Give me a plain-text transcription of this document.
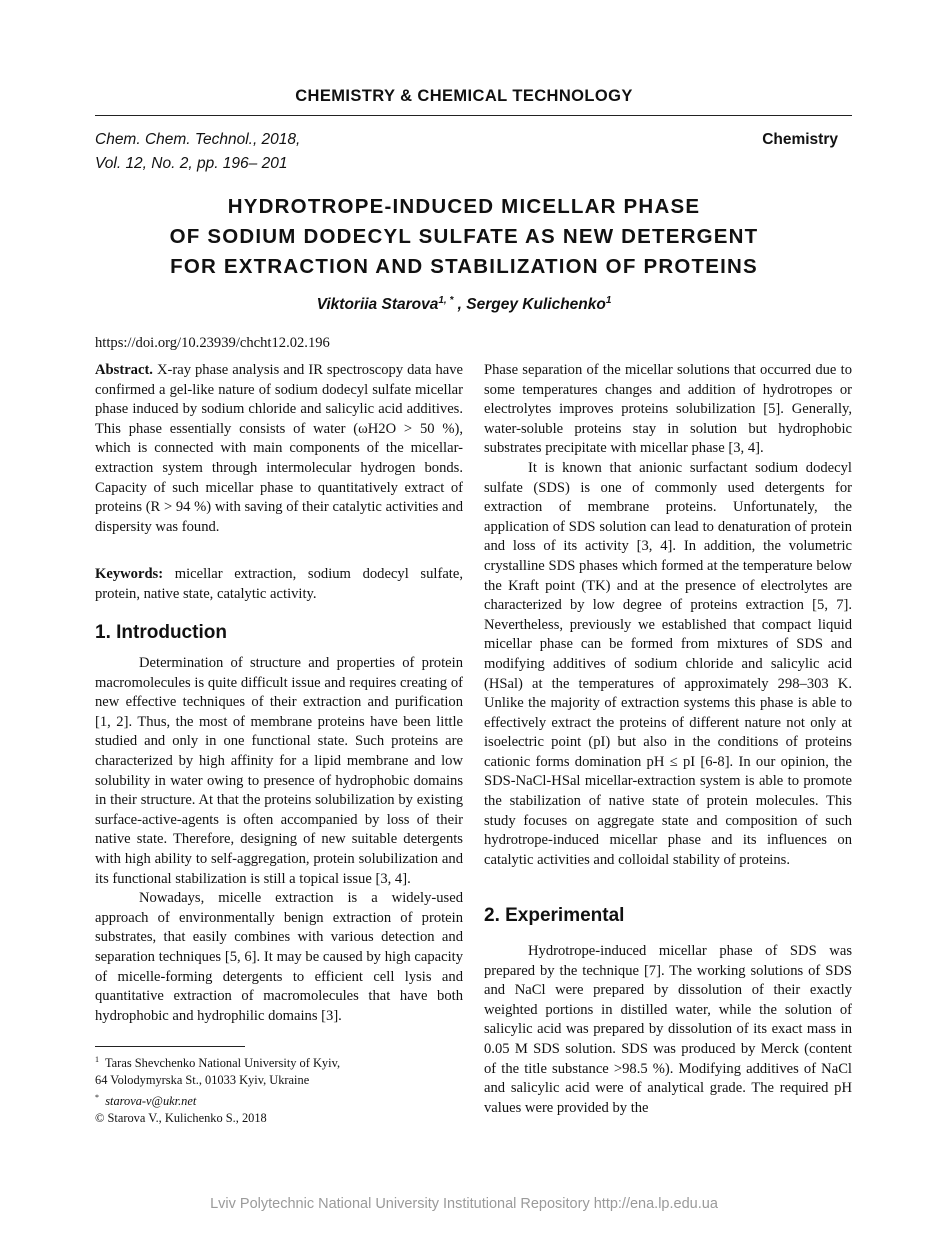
CHEMISTRY & CHEMICAL TECHNOLOGY
Chem. Chem. Technol., 2018,
Vol. 12, No. 2, pp. 196– 201
Chemistry
HYDROTROPE-INDUCED MICELLAR PHASE
OF SODIUM DODECYL SULFATE AS NEW DETERGENT
FOR EXTRACTION AND STABILIZATION OF PROTEINS
Viktoriia Starova$^{1, *}$ , Sergey Kulichenko$^1$
https://doi.org/10.23939/chcht12.02.196

Abstract. X-ray phase analysis and IR spectroscopy data have confirmed a gel-like nature of sodium dodecyl sulfate micellar phase induced by sodium chloride and salicylic acid additives. This phase essentially consists of water (ωH2O > 50 %), which is connected with main components of the micellar-extraction system through intermolecular hydrogen bonds. Capacity of such micellar phase to quantitatively extract of proteins (R > 94 %) with saving of their catalytic activities and dispersity was found.

Keywords: micellar extraction, sodium dodecyl sulfate, protein, native state, catalytic activity.

1. Introduction

Determination of structure and properties of protein macromolecules is quite difficult issue and requires creating of new effective techniques of their extraction and purification [1, 2]. Thus, the most of membrane proteins have been little studied and only in one functional state. Such proteins are characterized by high affinity for a lipid membrane and low solubility in water owing to presence of hydrophobic domains in their structure. At that the proteins solubilization by existing surface-active-agents is often accompanied by loss of their native state. Therefore, designing of new suitable detergents with high ability to self-aggregation, protein solubilization and its functional stabilization is still a topical issue [3, 4].

Nowadays, micelle extraction is a widely-used approach of environmentally benign extraction of protein substrates, that easily combines with various detection and separation techniques [5, 6]. It may be caused by high capacity of micelle-forming detergents to efficient cell lysis and quantitative extraction of macromolecules that have both hydrophobic and hydrophilic domains [3].

$^1$ Taras Shevchenko National University of Kyiv,
64 Volodymyrska St., 01033 Kyiv, Ukraine
* starova-v@ukr.net
© Starova V., Kulichenko S., 2018

Phase separation of the micellar solutions that occurred due to some temperatures changes and addition of hydrotropes or electrolytes improves proteins solubilization [5]. Generally, water-soluble proteins stay in solution but hydrophobic substrates precipitate with micellar phase [3, 4].

It is known that anionic surfactant sodium dodecyl sulfate (SDS) is one of commonly used detergents for extraction of membrane proteins. Unfortunately, the application of SDS solution can lead to denaturation of protein and loss of its activity [3, 4]. In addition, the volumetric crystalline SDS phases which formed at the temperature below the Kraft point (TK) and at the presence of electrolytes are characterized by low degree of proteins extraction [5, 7]. Nevertheless, previously we established that compact liquid micellar phase can be formed from mixtures of SDS and modifying additives of sodium chloride and salicylic acid (HSal) at the temperatures of approximately 298–303 K. Unlike the majority of extraction systems this phase is able to effectively extract the proteins of different nature not only at isoelectric point (pI) but also in the conditions of proteins cationic forms domination pH ≤ pI [6-8]. In our opinion, the SDS-NaCl-HSal micellar-extraction system is able to promote the stabilization of native state of protein molecules. This study focuses on aggregate state and composition of such hydrotrope-induced micellar phase and its influences on catalytic activities and colloidal stability of proteins.

2. Experimental

Hydrotrope-induced micellar phase of SDS was prepared by the technique [7]. The working solutions of SDS and NaCl were prepared by dissolution of their exactly weighted portions in distilled water, while the solution of salicylic acid was prepared by dissolution of its exact mass in 0.05 M SDS solution. SDS was produced by Merck (content of the title substance >98.5 %). Modifying additives of NaCl and salicylic acid were of analytical grade. The required pH values were provided by the

Lviv Polytechnic National University Institutional Repository http://ena.lp.edu.ua
